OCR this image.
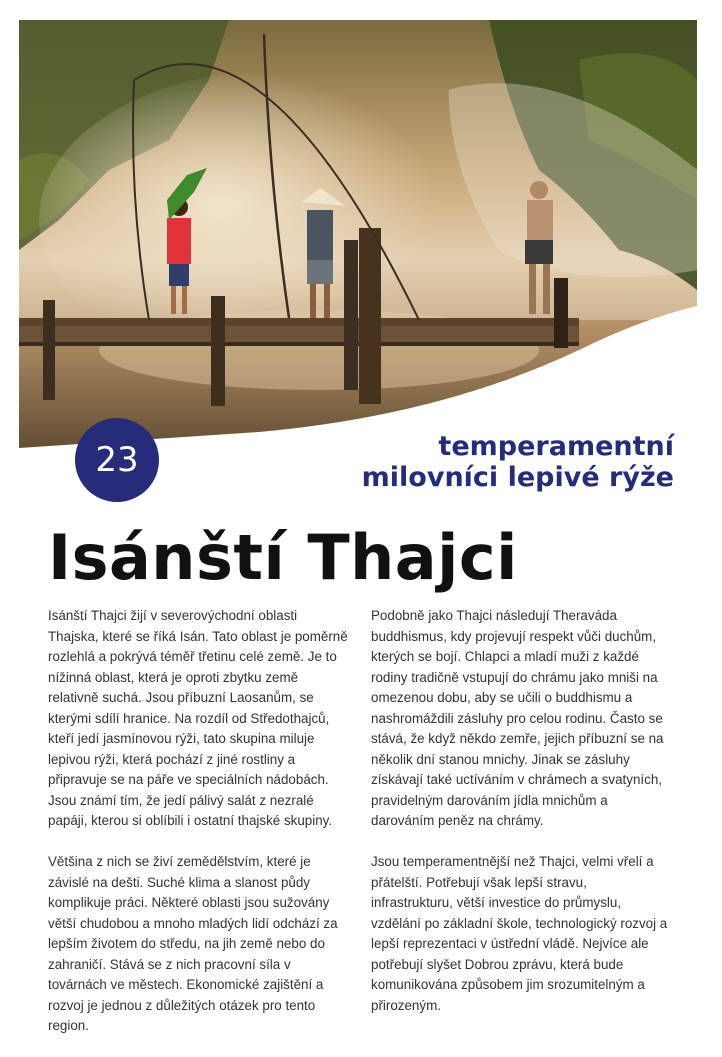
23	temperamentní
milovníci lepivé rýže
Isánští Thajci

Isánští Thajci žijí v severovýchodní oblasti Thajska, které se říká Isán. Tato oblast je poměrně rozlehlá a pokrývá téměř třetinu celé země. Je to nížinná oblast, která je oproti zbytku země relativně suchá. Jsou příbuzní Laosanům, se kterými sdílí hranice. Na rozdíl od Středothajců, kteří jedí jasmínovou rýži, tato skupina miluje lepivou rýži, která pochází z jiné rostliny a připravuje se na páře ve speciálních nádobách. Jsou známí tím, že jedí pálivý salát z nezralé papáji, kterou si oblíbili i ostatní thajské skupiny.

Většina z nich se živí zemědělstvím, které je závislé na dešti. Suché klima a slanost půdy komplikuje práci. Některé oblasti jsou sužovány větší chudobou a mnoho mladých lidí odchází za lepším životem do středu, na jih země nebo do zahraničí. Stává se z nich pracovní síla v továrnách ve městech. Ekonomické zajištění a rozvoj je jednou z důležitých otázek pro tento region.

Podobně jako Thajci následují Theraváda buddhismus, kdy projevují respekt vůči duchům, kterých se bojí. Chlapci a mladí muži z každé rodiny tradičně vstupují do chrámu jako mniši na omezenou dobu, aby se učili o buddhismu a nashromáždili zásluhy pro celou rodinu. Často se stává, že když někdo zemře, jejich příbuzní se na několik dní stanou mnichy. Jinak se zásluhy získávají také uctíváním v chrámech a svatyních, pravidelným darováním jídla mnichům a darováním peněz na chrámy.

Jsou temperamentnější než Thajci, velmi vřelí a přátelští. Potřebují však lepší stravu, infrastrukturu, větší investice do průmyslu, vzdělání po základní škole, technologický rozvoj a lepší reprezentaci v ústřední vládě. Nejvíce ale potřebují slyšet Dobrou zprávu, která bude komunikována způsobem jim srozumitelným a přirozeným.
